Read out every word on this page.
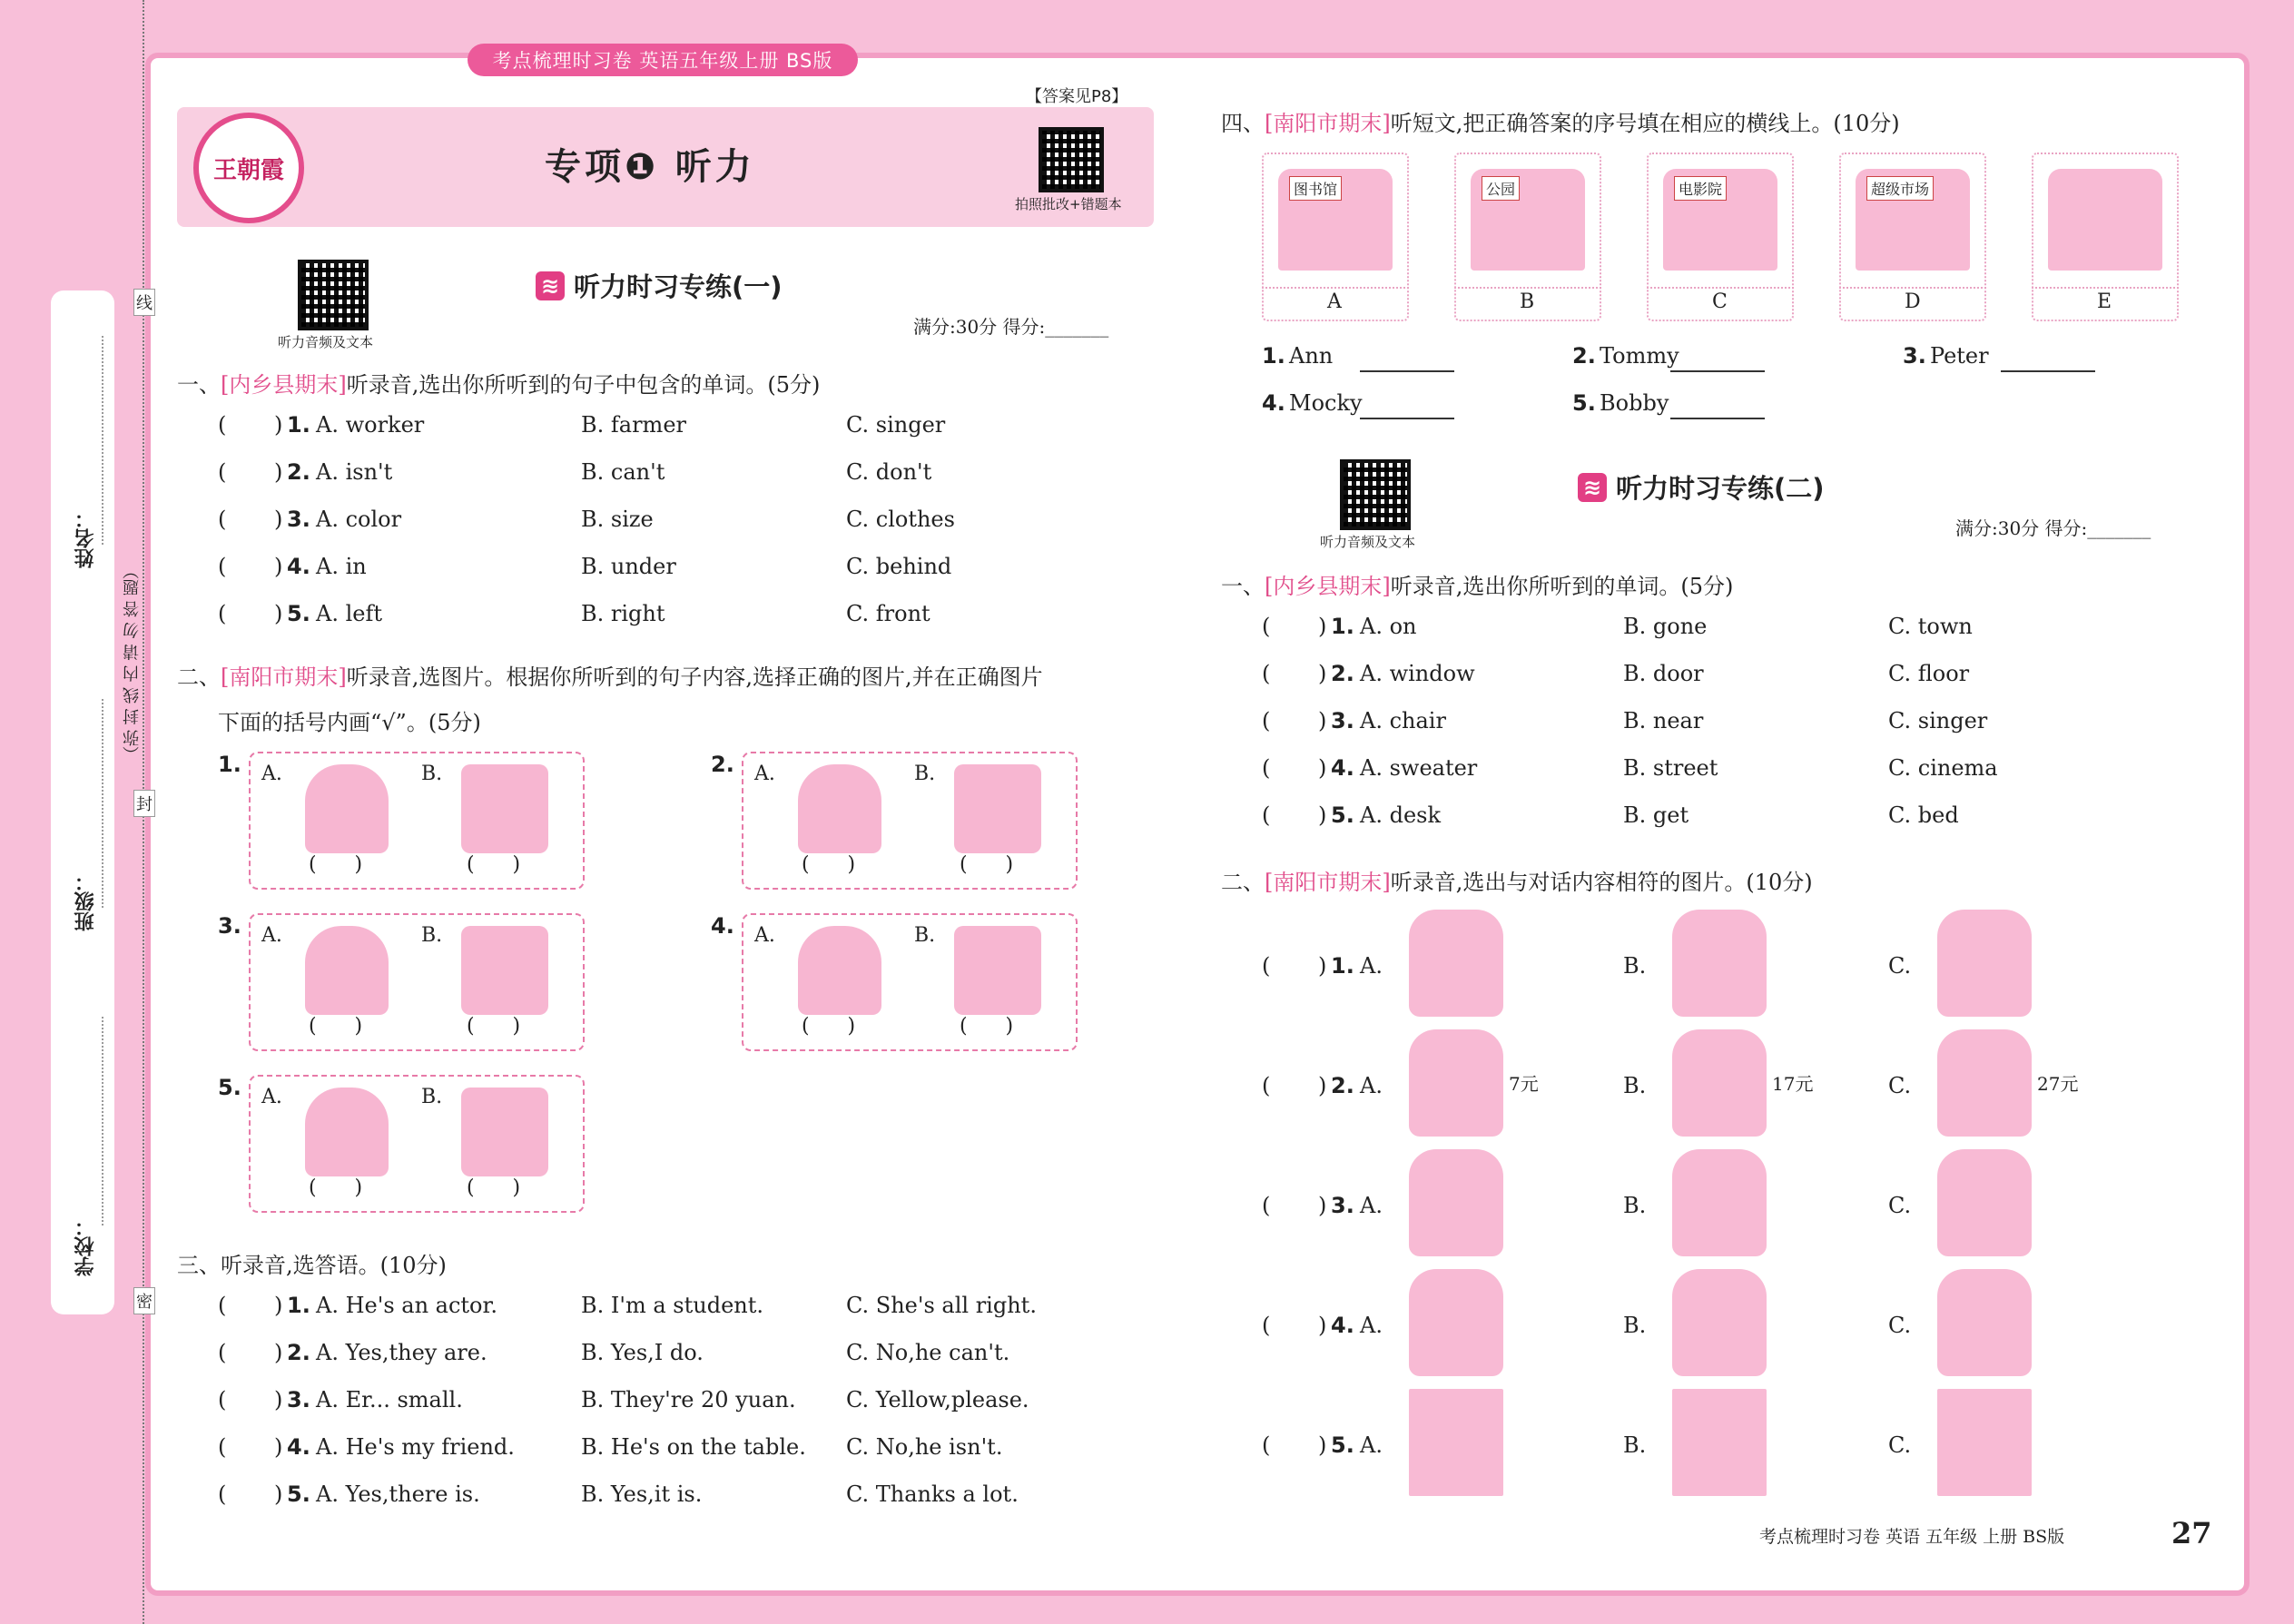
姓名：
班级：
学校：
（弥 封 线 内 请 勿 答 题）
线
封
密
考点梳理时习卷 英语五年级上册 BS版
【答案见P8】
王朝霞	专项❶ 听力
拍照批改+错题本
听力音频及文本
≋ 听力时习专练(一)
满分:30分 得分:_______
一、[内乡县期末]听录音,选出你所听到的句子中包含的单词。(5分)
二、[南阳市期末]听录音,选图片。根据你所听到的句子内容,选择正确的图片,并在正确图片
下面的括号内画“√”。(5分)
三、听录音,选答语。(10分)
四、[南阳市期末]听短文,把正确答案的序号填在相应的横线上。(10分)
听力音频及文本
≋ 听力时习专练(二)
满分:30分 得分:_______
一、[内乡县期末]听录音,选出你所听到的单词。(5分)
二、[南阳市期末]听录音,选出与对话内容相符的图片。(10分)
考点梳理时习卷 英语 五年级 上册 BS版	27
( ) 1. A. worker	B. farmer	C. singer
( ) 2. A. isn't	B. can't	C. don't
( ) 3. A. color	B. size	C. clothes
( ) 4. A. in	B. under	C. behind
( ) 5. A. left	B. right	C. front
( ) 1. A. He's an actor.	B. I'm a student.	C. She's all right.
( ) 2. A. Yes,they are.	B. Yes,I do.	C. No,he can't.
( ) 3. A. Er... small.	B. They're 20 yuan. C. Yellow,please.
( ) 4. A. He's my friend.	B. He's on the table. C. No,he isn't.
( ) 5. A. Yes,there is.	B. Yes,it is.	C. Thanks a lot.
( ) 1. A. on	B. gone	C. town
( ) 2. A. window	B. door	C. floor
( ) 3. A. chair	B. near	C. singer
( ) 4. A. sweater	B. street	C. cinema
( ) 5. A. desk	B. get	C. bed
1. A.	B.
(      )	(      )
2. A.	B.
(      )	(      )
3. A.	B.
(      )	(      )
4. A.	B.
(      )	(      )
5. A.	B.
(      )	(      )
图书馆
A
公园
B
电影院
C
超级市场
D	E
1. Ann	2. Tommy	3. Peter
4. Mocky	5. Bobby
( ) 1. A.	B.	C.
( ) 2. A.	7元	B.	17元	C.	27元
( ) 3. A.	B.	C.
( ) 4. A.	B.	C.
( ) 5. A.	B.	C.
